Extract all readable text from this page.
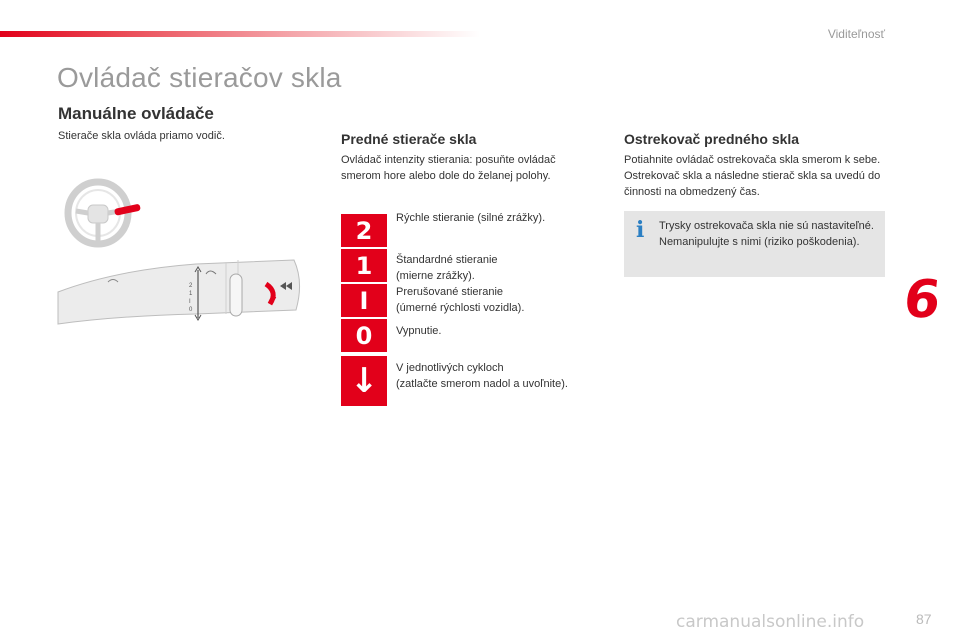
Viditeľnosť
Ovládač stieračov skla
Manuálne ovládače
Stierače skla ovláda priamo vodič.
2
1
I
0
Predné stierače skla
Ovládač intenzity stierania: posuňte ovládač smerom hore alebo dole do želanej polohy.
2	Rýchle stieranie (silné zrážky).
1	Štandardné stieranie
(mierne zrážky).
I	Prerušované stieranie
(úmerné rýchlosti vozidla).
0	Vypnutie.
↓	V jednotlivých cykloch
(zatlačte smerom nadol a uvoľnite).
Ostrekovač predného skla
Potiahnite ovládač ostrekovača skla smerom k sebe. Ostrekovač skla a následne stierač skla sa uvedú do činnosti na obmedzený čas.
i Trysky ostrekovača skla nie sú nastaviteľné. Nemanipulujte s nimi (riziko poškodenia).
6
carmanualsonline.info	87
